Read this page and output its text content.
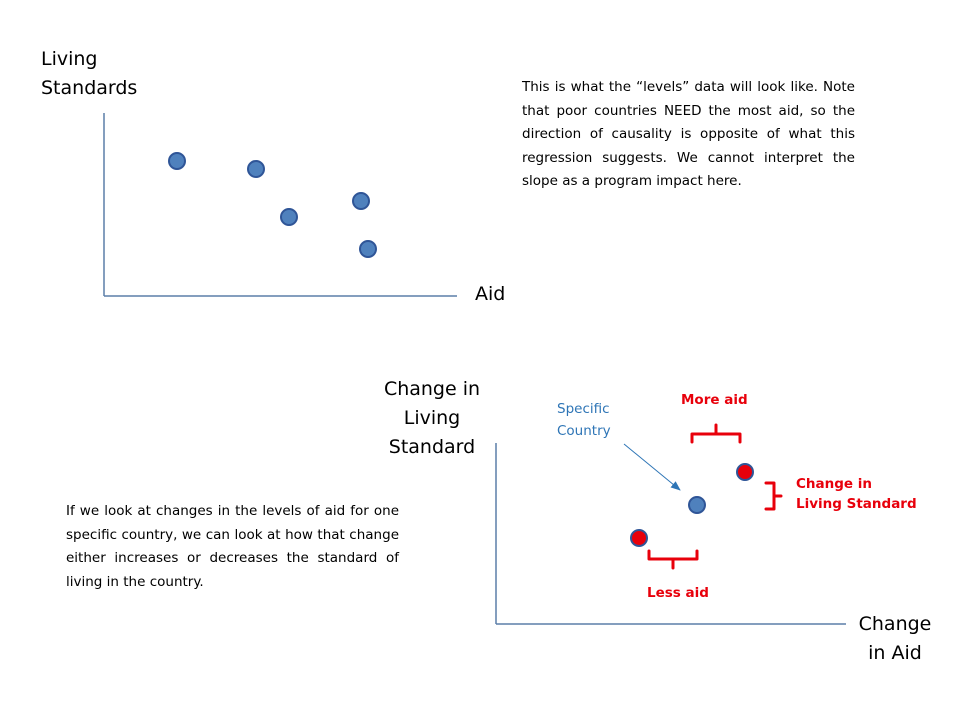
Living
Standards
Aid

This is what the “levels” data will look like. Note that poor countries NEED the most aid, so the direction of causality is opposite of what this regression suggests. We cannot interpret the slope as a program impact here.

Change in
Living
Standard
Change
in Aid
Specific
Country
More aid
Less aid
Change in
Living Standard

If we look at changes in the levels of aid for one specific country, we can look at how that change either increases or decreases the standard of living in the country.
